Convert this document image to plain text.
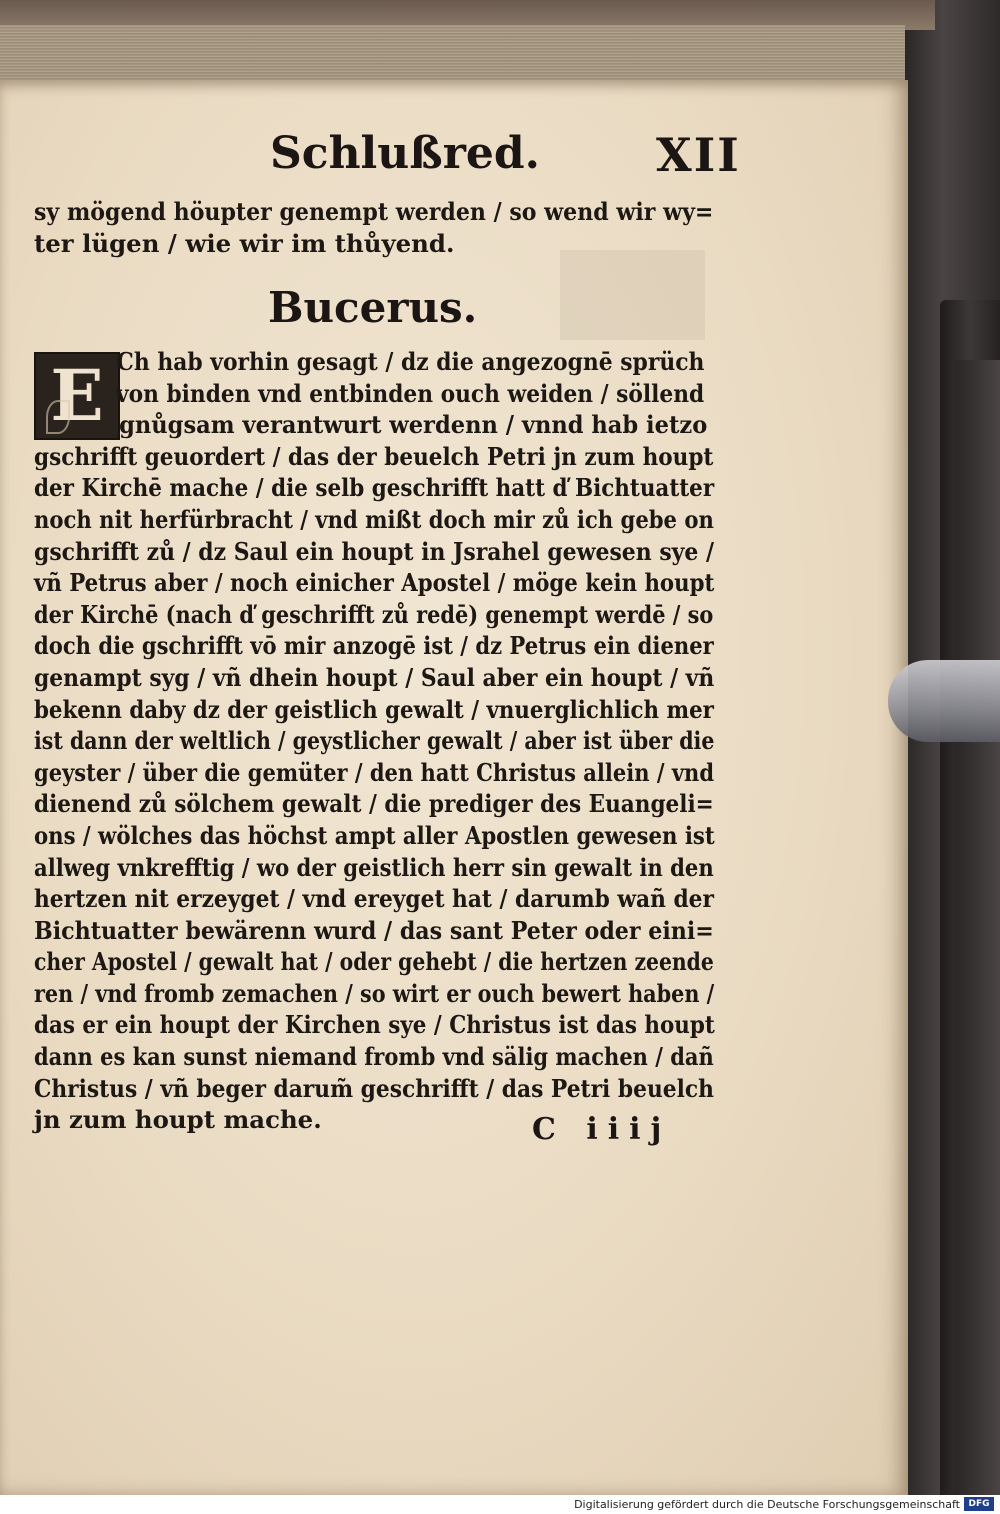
Schlußred.	XII
sy mögend höupter genempt werden / so wend wir wy=
ter lügen / wie wir im thůyend.
Bucerus.
E Ch hab vorhin gesagt / dz die angezognē sprüch
von binden vnd entbinden ouch weiden / söllend
gnůgsam verantwurt werdenn / vnnd hab ietzo
gschrifft geuordert / das der beuelch Petri jn zum houpt
der Kirchē mache / die selb geschrifft hatt ď Bichtuatter
noch nit herfürbracht / vnd mißt doch mir zů ich gebe on
gschrifft zů / dz Saul ein houpt in Jsrahel gewesen sye /
vñ Petrus aber / noch einicher Apostel / möge kein houpt
der Kirchē (nach ď geschrifft zů redē) genempt werdē / so
doch die gschrifft vō mir anzogē ist / dz Petrus ein diener
genampt syg / vñ dhein houpt / Saul aber ein houpt / vñ
bekenn daby dz der geistlich gewalt / vnuerglichlich mer
ist dann der weltlich / geystlicher gewalt / aber ist über die
geyster / über die gemüter / den hatt Christus allein / vnd
dienend zů sölchem gewalt / die prediger des Euangeli=
ons / wölches das höchst ampt aller Apostlen gewesen ist
allweg vnkrefftig / wo der geistlich herr sin gewalt in den
hertzen nit erzeyget / vnd ereyget hat / darumb wañ der
Bichtuatter bewärenn wurd / das sant Peter oder eini=
cher Apostel / gewalt hat / oder gehebt / die hertzen zeende
ren / vnd fromb zemachen / so wirt er ouch bewert haben /
das er ein houpt der Kirchen sye / Christus ist das houpt
dann es kan sunst niemand fromb vnd sälig machen / dañ
Christus / vñ beger darum̃ geschrifft / das Petri beuelch
jn zum houpt mache.	C iiij
Digitalisierung gefördert durch die Deutsche Forschungsgemeinschaft DFG
